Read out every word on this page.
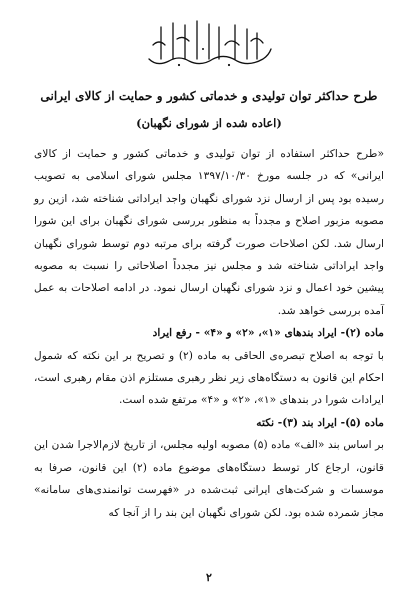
طرح حداکثر توان تولیدی و خدماتی کشور و حمایت از کالای ایرانی
(اعاده شده از شورای نگهبان)

«طرح حداکثر استفاده از توان تولیدی و خدماتی کشور و حمایت از کالای ایرانی» که در جلسه مورخ ۱۳۹۷/۱۰/۳۰ مجلس شورای اسلامی به تصویب رسیده بود پس از ارسال نزد شورای نگهبان واجد ایراداتی شناخته شد، ازین رو مصوبه مزبور اصلاح و مجدداً به منظور بررسی شورای نگهبان برای این شورا ارسال شد. لکن اصلاحات صورت گرفته برای مرتبه دوم توسط شورای نگهبان واجد ایراداتی شناخته شد و مجلس نیز مجدداً اصلاحاتی را نسبت به مصوبه پیشین خود اعمال و نزد شورای نگهبان ارسال نمود. در ادامه اصلاحات به عمل آمده بررسی خواهد شد.

ماده (۲)- ایراد بندهای «۱»، «۲» و «۴» - رفع ایراد

با توجه به اصلاح تبصره‌ی الحاقی به ماده (۲) و تصریح بر این نکته که شمول احکام این قانون به دستگاه‌های زیر نظر رهبری مستلزم اذن مقام رهبری است، ایرادات شورا در بندهای «۱»، «۲» و «۴» مرتفع شده است.

ماده (۵)- ایراد بند (۳)- نکته

بر اساس بند «الف» ماده (۵) مصوبه اولیه مجلس، از تاریخ لازم‌الاجرا شدن این قانون، ارجاع کار توسط دستگاه‌های موضوع ماده (۲) این قانون، صرفا به موسسات و شرکت‌های ایرانی ثبت‌شده در «فهرست توانمندی‌های سامانه» مجاز شمرده شده بود. لکن شورای نگهبان این بند را از آنجا که

۲
